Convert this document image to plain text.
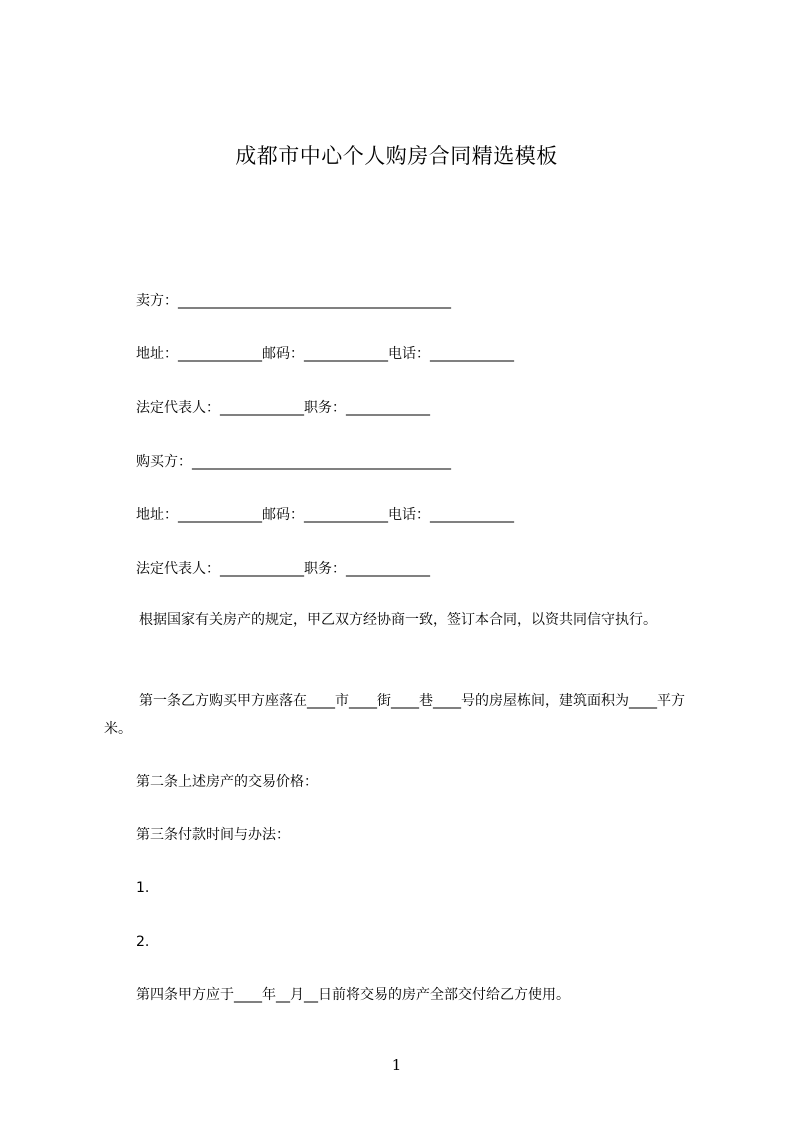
成都市中心个人购房合同精选模板
卖方：_______________________________________
地址：____________邮码：____________电话：____________
法定代表人：____________职务：____________
购买方：_____________________________________
地址：____________邮码：____________电话：____________
法定代表人：____________职务：____________
根据国家有关房产的规定，甲乙双方经协商一致，签订本合同，以资共同信守执行。
第一条乙方购买甲方座落在____市____街____巷____号的房屋栋间，建筑面积为____平方米。
第二条上述房产的交易价格：
第三条付款时间与办法：
1.
2.
第四条甲方应于____年__月__日前将交易的房产全部交付给乙方使用。
1
